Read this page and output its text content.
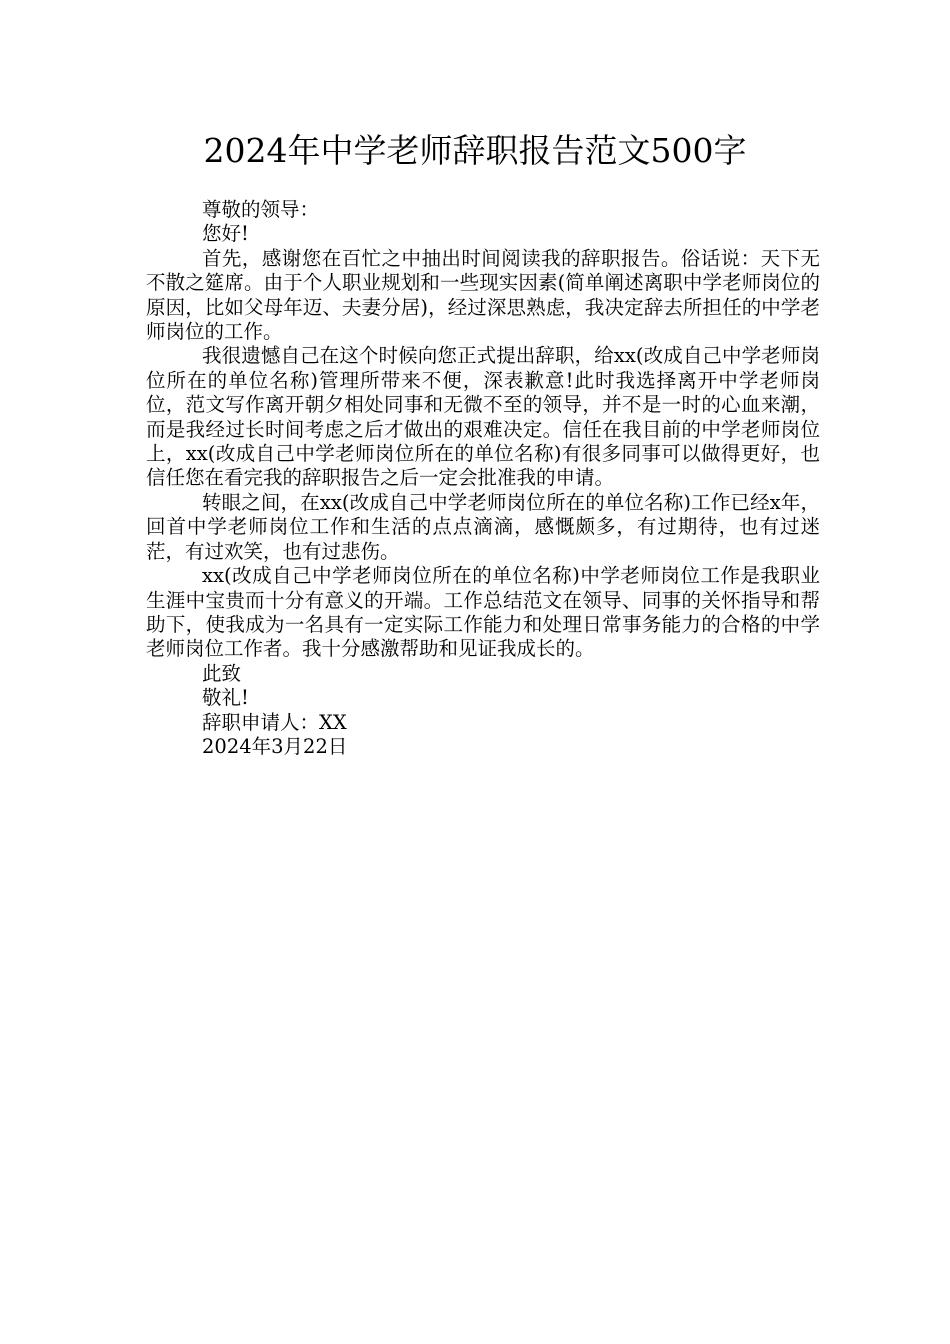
2024年中学老师辞职报告范文500字

尊敬的领导：

您好!

首先，感谢您在百忙之中抽出时间阅读我的辞职报告。俗话说：天下无不散之筵席。由于个人职业规划和一些现实因素(简单阐述离职中学老师岗位的原因，比如父母年迈、夫妻分居)，经过深思熟虑，我决定辞去所担任的中学老师岗位的工作。

我很遗憾自己在这个时候向您正式提出辞职，给xx(改成自己中学老师岗位所在的单位名称)管理所带来不便，深表歉意!此时我选择离开中学老师岗位，范文写作离开朝夕相处同事和无微不至的领导，并不是一时的心血来潮，而是我经过长时间考虑之后才做出的艰难决定。信任在我目前的中学老师岗位上，xx(改成自己中学老师岗位所在的单位名称)有很多同事可以做得更好，也信任您在看完我的辞职报告之后一定会批准我的申请。

转眼之间，在xx(改成自己中学老师岗位所在的单位名称)工作已经x年，回首中学老师岗位工作和生活的点点滴滴，感慨颇多，有过期待，也有过迷茫，有过欢笑，也有过悲伤。

xx(改成自己中学老师岗位所在的单位名称)中学老师岗位工作是我职业生涯中宝贵而十分有意义的开端。工作总结范文在领导、同事的关怀指导和帮助下，使我成为一名具有一定实际工作能力和处理日常事务能力的合格的中学老师岗位工作者。我十分感激帮助和见证我成长的。

此致

敬礼!

辞职申请人：XX

2024年3月22日
